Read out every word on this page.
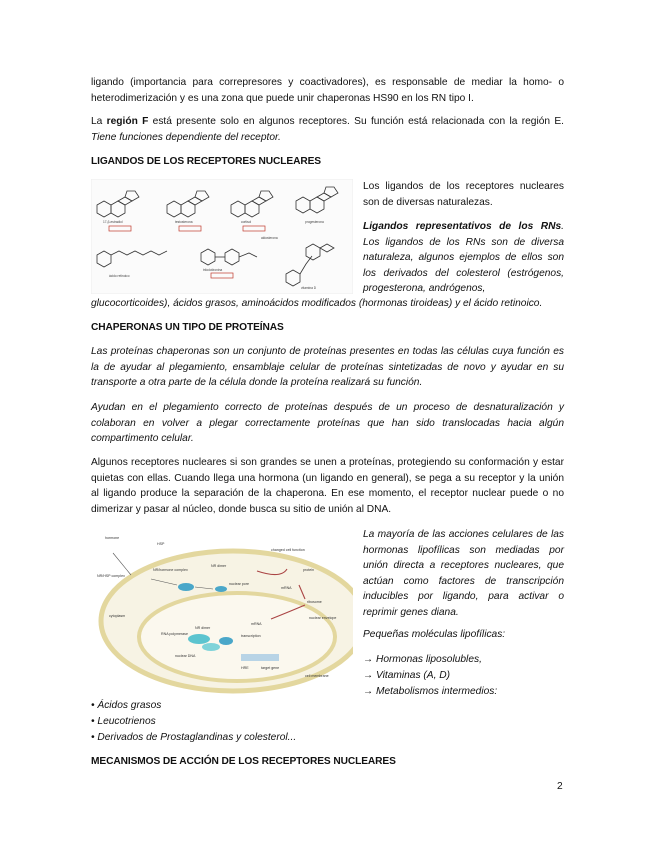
ligando (importancia para correpresores y coactivadores), es responsable de mediar la homo- o heterodimerización y es una zona que puede unir chaperonas HS90 en los RN tipo I.

La región F está presente solo en algunos receptores. Su función está relacionada con la región E. Tiene funciones dependiente del receptor.

LIGANDOS DE LOS RECEPTORES NUCLEARES

17-β-estradiol	testosterona	cortisol	progesterona
aldosterona
triiodotironina
vitamina D
ácido retinoico

Los ligandos de los receptores nucleares son de diversas naturalezas.

Ligandos representativos de los RNs. Los ligandos de los RNs son de diversa naturaleza, algunos ejemplos de ellos son los derivados del colesterol (estrógenos, progesterona, andrógenos,

glucocorticoides), ácidos grasos, aminoácidos modificados (hormonas tiroideas) y el ácido retinoico.

CHAPERONAS UN TIPO DE PROTEÍNAS

Las proteínas chaperonas son un conjunto de proteínas presentes en todas las células cuya función es la de ayudar al plegamiento, ensamblaje celular de proteínas sintetizadas de novo y ayudar en su transporte a otra parte de la célula donde la proteína realizará su función.

Ayudan en el plegamiento correcto de proteínas después de un proceso de desnaturalización y colaboran en volver a plegar correctamente proteínas que han sido translocadas hacia algún compartimento celular.

Algunos receptores nucleares si son grandes se unen a proteínas, protegiendo su conformación y estar quietas con ellas. Cuando llega una hormona (un ligando en general), se pega a su receptor y la unión al ligando produce la separación de la chaperona. En ese momento, el receptor nuclear puede o no dimerizar y pasar al núcleo, donde busca su sitio de unión al DNA.

hormone
HSP
NR dimer
NR/HSP complex
NR/hormone complex
cytoplasm
nuclear pore
changed cell function
protein
mRNA
ribosome
nuclear envelope
RNA polymerase
NR dimer
nuclear DNA
HRE	target gene
mRNA
transcription
cell membrane

La mayoría de las acciones celulares de las hormonas lipofílicas son mediadas por unión directa a receptores nucleares, que actúan como factores de transcripción inducibles por ligando, para activar o reprimir genes diana.

Pequeñas moléculas lipofílicas:

→ Hormonas liposolubles,

→ Vitaminas (A, D)

→ Metabolismos intermedios:

• Ácidos grasos

• Leucotrienos

• Derivados de Prostaglandinas y colesterol...

MECANISMOS DE ACCIÓN DE LOS RECEPTORES NUCLEARES

2
